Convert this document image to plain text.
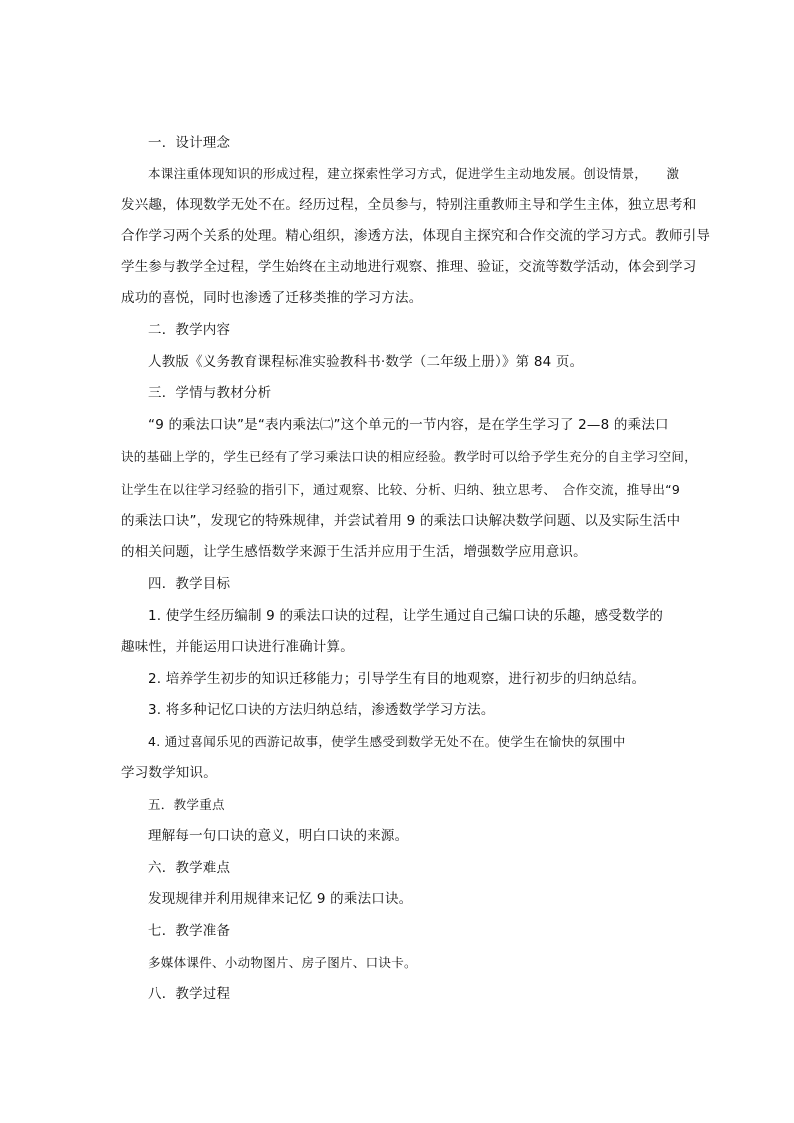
一．设计理念
本课注重体现知识的形成过程，建立探索性学习方式，促进学生主动地发展。创设情景，　　激
发兴趣，体现数学无处不在。经历过程，全员参与，特别注重教师主导和学生主体，独立思考和
合作学习两个关系的处理。精心组织，渗透方法，体现自主探究和合作交流的学习方式。教师引导
学生参与教学全过程，学生始终在主动地进行观察、推理、验证，交流等数学活动，体会到学习
成功的喜悦，同时也渗透了迁移类推的学习方法。
二．教学内容
人教版《义务教育课程标准实验教科书·数学（二年级上册）》第 84 页。
三．学情与教材分析
“9 的乘法口诀”是“表内乘法㈡”这个单元的一节内容，是在学生学习了 2—8 的乘法口
诀的基础上学的，学生已经有了学习乘法口诀的相应经验。教学时可以给予学生充分的自主学习空间，
让学生在以往学习经验的指引下，通过观察、比较、分析、归纳、独立思考、　合作交流，推导出“9
的乘法口诀”，发现它的特殊规律，并尝试着用 9 的乘法口诀解决数学问题、以及实际生活中
的相关问题，让学生感悟数学来源于生活并应用于生活，增强数学应用意识。
四．教学目标
1. 使学生经历编制 9 的乘法口诀的过程，让学生通过自己编口诀的乐趣，感受数学的
趣味性，并能运用口诀进行准确计算。
2. 培养学生初步的知识迁移能力；引导学生有目的地观察，进行初步的归纳总结。
3. 将多种记忆口诀的方法归纳总结，渗透数学学习方法。
4. 通过喜闻乐见的西游记故事，使学生感受到数学无处不在。使学生在愉快的氛围中
学习数学知识。
五．教学重点
理解每一句口诀的意义，明白口诀的来源。
六．教学难点
发现规律并利用规律来记忆 9 的乘法口诀。
七．教学准备
多媒体课件、小动物图片、房子图片、口诀卡。
八．教学过程
